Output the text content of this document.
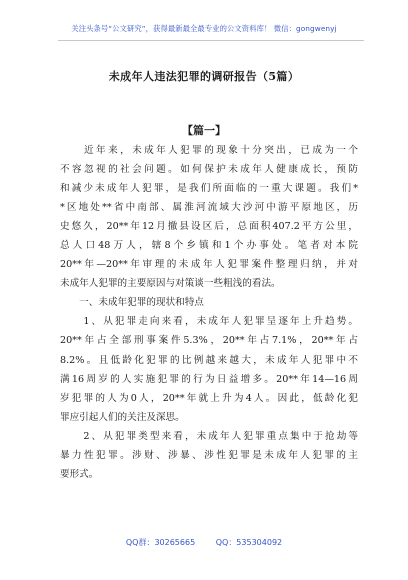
关注头条号“公文研究”，获得最新最全最专业的公文资料库！ 微信：gongwenyj
未成年人违法犯罪的调研报告（5篇）
【篇一】
　　近年来，未成年人犯罪的现象十分突出，已成为一个
不容忽视的社会问题。如何保护未成年人健康成长，预防
和减少未成年人犯罪，是我们所面临的一重大课题。我们*
*区地处**省中南部、属淮河流域大沙河中游平原地区，历
史悠久，20**年12月撤县设区后，总面积407.2平方公里，
总人口48万人，辖8个乡镇和1个办事处。笔者对本院
20**年—20**年审理的未成年人犯罪案件整理归纳，并对
未成年人犯罪的主要原因与对策谈一些粗浅的看法。
　　一、未成年犯罪的现状和特点
　　1、从犯罪走向来看，未成年人犯罪呈逐年上升趋势。
20**年占全部刑事案件5.3%，20**年占7.1%，20**年占
8.2%。且低龄化犯罪的比例越来越大，未成年人犯罪中不
满16周岁的人实施犯罪的行为日益增多。20**年14—16周
岁犯罪的人为0人，20**年就上升为4人。因此，低龄化犯
罪应引起人们的关注及深思。
　　2、从犯罪类型来看，未成年人犯罪重点集中于抢劫等
暴力性犯罪。涉财、涉暴、涉性犯罪是未成年人犯罪的主
要形式。
QQ群：30265665	QQ：535304092
